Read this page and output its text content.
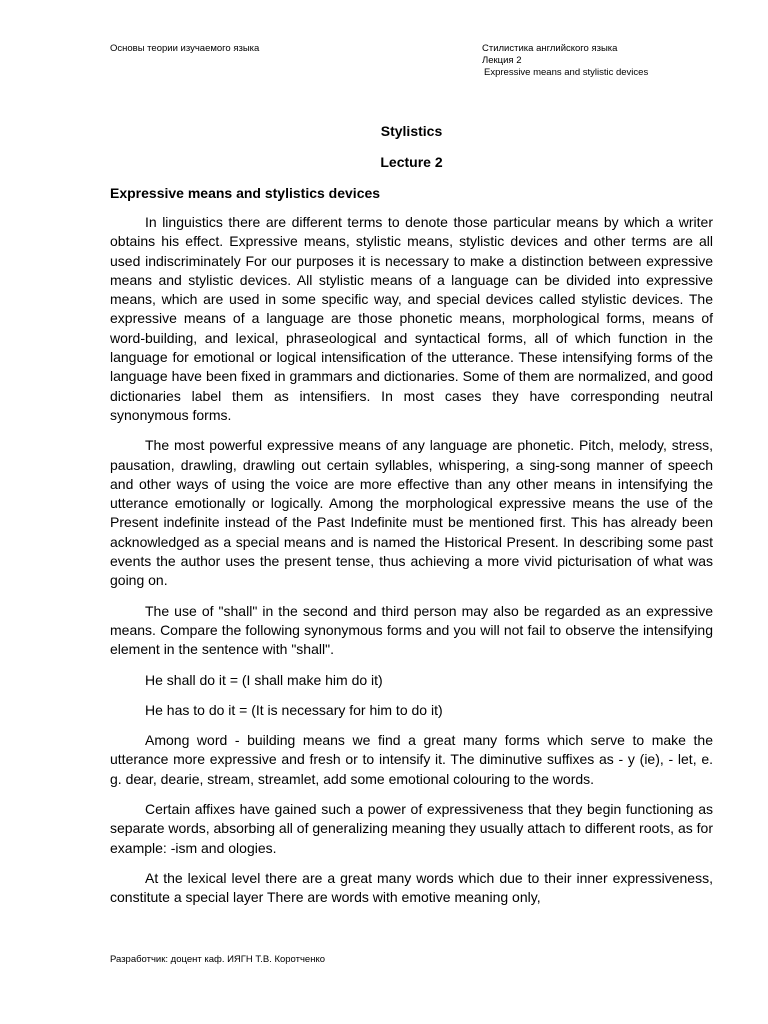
Основы теории изучаемого языка	Стилистика английского языка
Лекция 2
Expressive means and stylistic devices
Stylistics
Lecture 2
Expressive means and stylistics devices

In linguistics there are different terms to denote those particular means by which a writer obtains his effect. Expressive means, stylistic means, stylistic devices and other terms are all used indiscriminately For our purposes it is necessary to make a distinction between expressive means and stylistic devices. All stylistic means of a language can be divided into expressive means, which are used in some specific way, and special devices called stylistic devices. The expressive means of a language are those phonetic means, morphological forms, means of word-building, and lexical, phraseological and syntactical forms, all of which function in the language for emotional or logical intensification of the utterance. These intensifying forms of the language have been fixed in grammars and dictionaries. Some of them are normalized, and good dictionaries label them as intensifiers. In most cases they have corresponding neutral synonymous forms.

The most powerful expressive means of any language are phonetic. Pitch, melody, stress, pausation, drawling, drawling out certain syllables, whispering, a sing-song manner of speech and other ways of using the voice are more effective than any other means in intensifying the utterance emotionally or logically. Among the morphological expressive means the use of the Present indefinite instead of the Past Indefinite must be mentioned first. This has already been acknowledged as a special means and is named the Historical Present. In describing some past events the author uses the present tense, thus achieving a more vivid picturisation of what was going on.

The use of "shall" in the second and third person may also be regarded as an expressive means. Compare the following synonymous forms and you will not fail to observe the intensifying element in the sentence with "shall".

He shall do it = (I shall make him do it)

He has to do it = (It is necessary for him to do it)

Among word - building means we find a great many forms which serve to make the utterance more expressive and fresh or to intensify it. The diminutive suffixes as - y (ie), - let, e. g. dear, dearie, stream, streamlet, add some emotional colouring to the words.

Certain affixes have gained such a power of expressiveness that they begin functioning as separate words, absorbing all of generalizing meaning they usually attach to different roots, as for example: -ism and ologies.

At the lexical level there are a great many words which due to their inner expressiveness, constitute a special layer There are words with emotive meaning only,

Разработчик: доцент каф. ИЯГН Т.В. Коротченко
